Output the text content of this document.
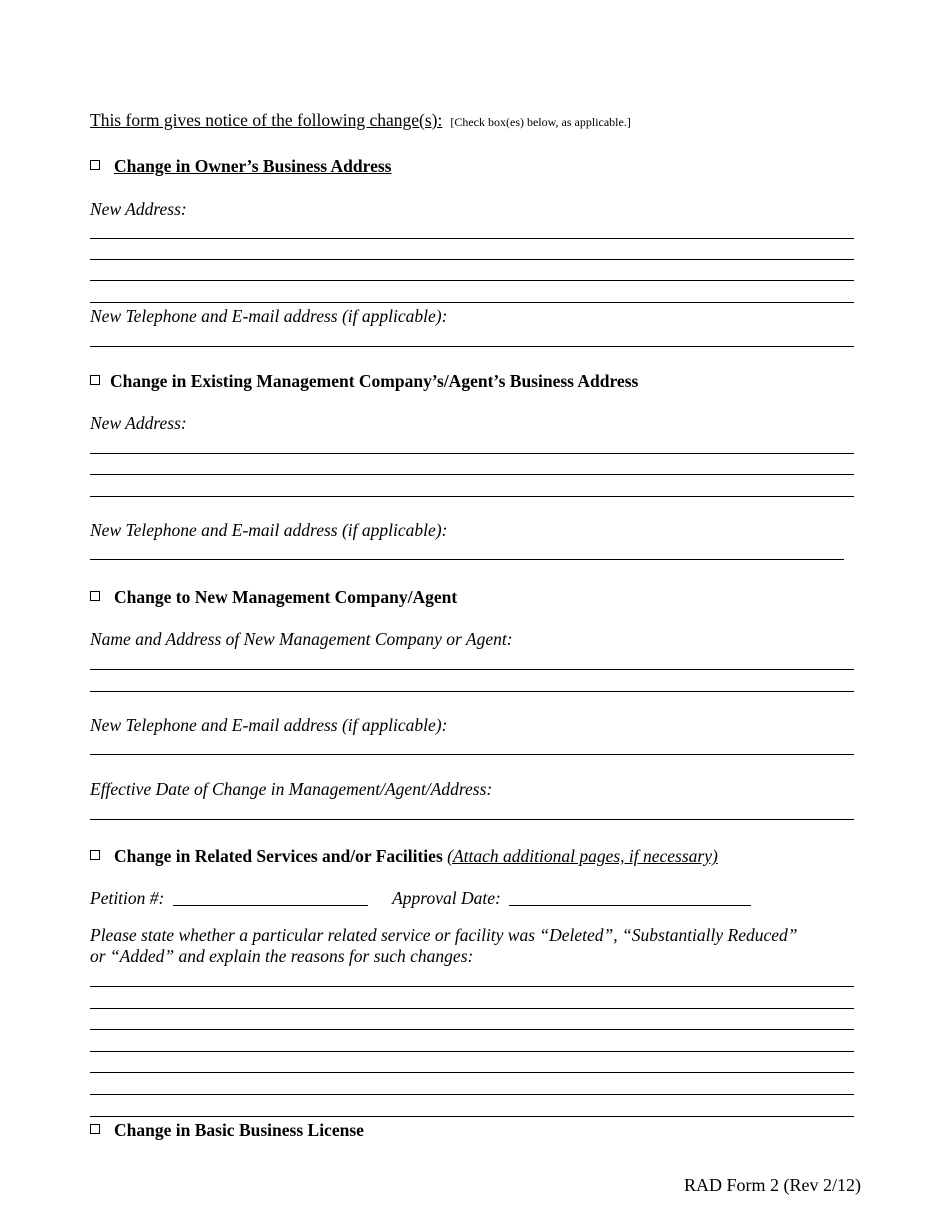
This form gives notice of the following change(s): [Check box(es) below, as applicable.]
Change in Owner’s Business Address
New Address:
New Telephone and E-mail address (if applicable):
Change in Existing Management Company’s/Agent’s Business Address
New Address:
New Telephone and E-mail address (if applicable):
Change to New Management Company/Agent
Name and Address of New Management Company or Agent:
New Telephone and E-mail address (if applicable):
Effective Date of Change in Management/Agent/Address:
Change in Related Services and/or Facilities (Attach additional pages, if necessary)
Petition #:	Approval Date:
Please state whether a particular related service or facility was “Deleted”, “Substantially Reduced”
or “Added” and explain the reasons for such changes:
Change in Basic Business License
RAD Form 2 (Rev 2/12)
